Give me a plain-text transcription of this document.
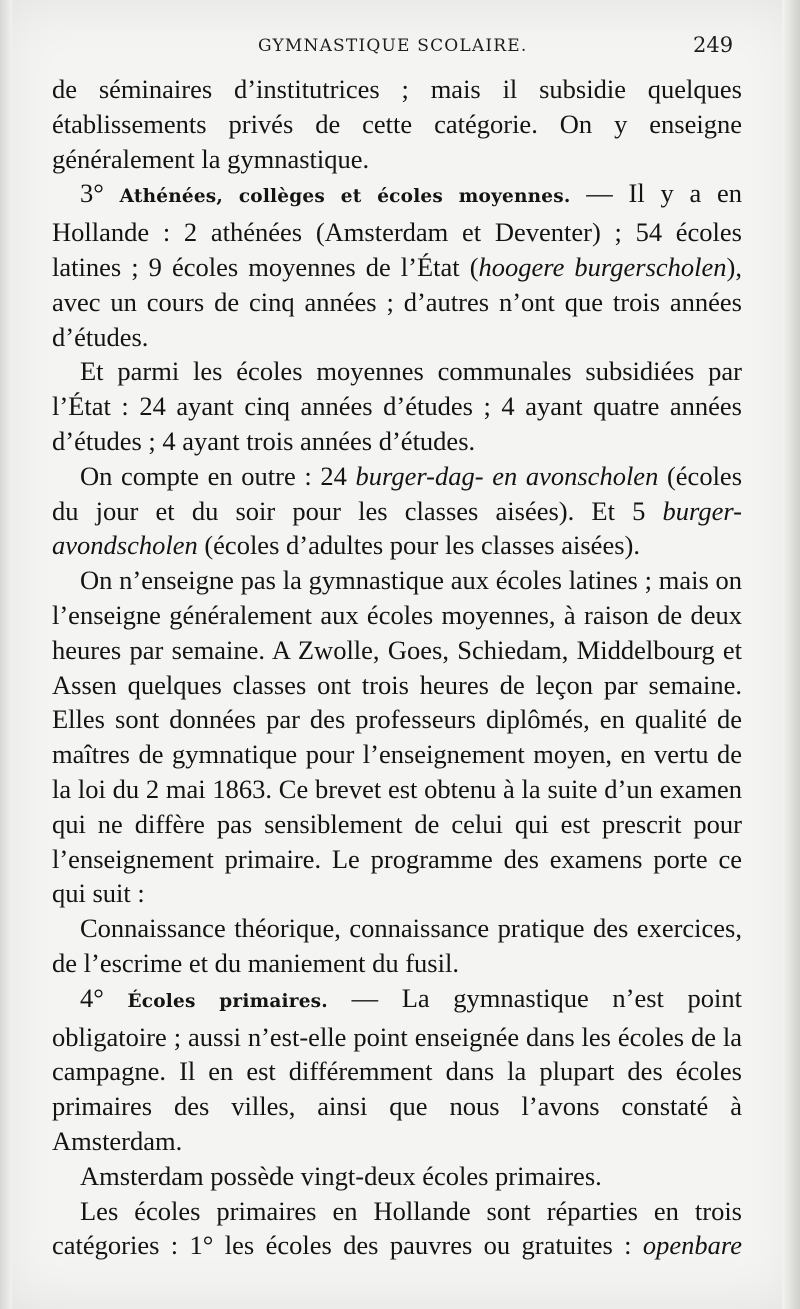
GYMNASTIQUE SCOLAIRE.	249

de séminaires d’institutrices ; mais il subsidie quelques établissements privés de cette catégorie. On y enseigne généralement la gymnastique.

3° Athénées, collèges et écoles moyennes. — Il y a en Hollande : 2 athénées (Amsterdam et Deventer) ; 54 écoles latines ; 9 écoles moyennes de l’État (hoogere burgerscholen), avec un cours de cinq années ; d’autres n’ont que trois années d’études.

Et parmi les écoles moyennes communales subsidiées par l’État : 24 ayant cinq années d’études ; 4 ayant quatre années d’études ; 4 ayant trois années d’études.

On compte en outre : 24 burger-dag- en avonscholen (écoles du jour et du soir pour les classes aisées). Et 5 burger-avondscholen (écoles d’adultes pour les classes aisées).

On n’enseigne pas la gymnastique aux écoles latines ; mais on l’enseigne généralement aux écoles moyennes, à raison de deux heures par semaine. A Zwolle, Goes, Schiedam, Middelbourg et Assen quelques classes ont trois heures de leçon par semaine. Elles sont données par des professeurs diplômés, en qualité de maîtres de gymnatique pour l’enseignement moyen, en vertu de la loi du 2 mai 1863. Ce brevet est obtenu à la suite d’un examen qui ne diffère pas sensiblement de celui qui est prescrit pour l’enseignement primaire. Le programme des examens porte ce qui suit :

Connaissance théorique, connaissance pratique des exercices, de l’escrime et du maniement du fusil.

4° Écoles primaires. — La gymnastique n’est point obligatoire ; aussi n’est-elle point enseignée dans les écoles de la campagne. Il en est différemment dans la plupart des écoles primaires des villes, ainsi que nous l’avons constaté à Amsterdam.

Amsterdam possède vingt-deux écoles primaires.

Les écoles primaires en Hollande sont réparties en trois catégories : 1° les écoles des pauvres ou gratuites : openbare
